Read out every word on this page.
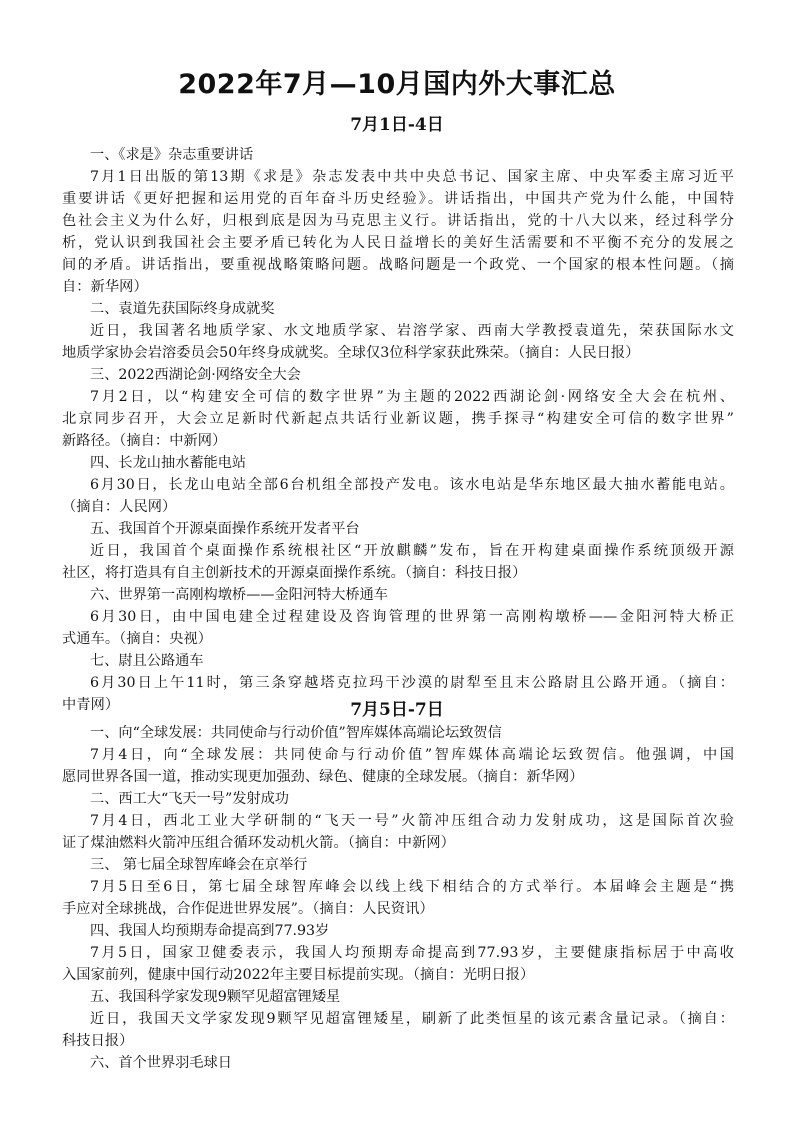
2022年7月—10月国内外大事汇总
7月1日-4日
一、《求是》杂志重要讲话
7月1日出版的第13期《求是》杂志发表中共中央总书记、国家主席、中央军委主席习近平
重要讲话《更好把握和运用党的百年奋斗历史经验》。讲话指出，中国共产党为什么能，中国特
色社会主义为什么好，归根到底是因为马克思主义行。讲话指出，党的十八大以来，经过科学分
析，党认识到我国社会主要矛盾已转化为人民日益增长的美好生活需要和不平衡不充分的发展之
间的矛盾。讲话指出，要重视战略策略问题。战略问题是一个政党、一个国家的根本性问题。（摘
自：新华网）
二、袁道先获国际终身成就奖
近日，我国著名地质学家、水文地质学家、岩溶学家、西南大学教授袁道先，荣获国际水文
地质学家协会岩溶委员会50年终身成就奖。全球仅3位科学家获此殊荣。（摘自：人民日报）
三、2022西湖论剑·网络安全大会
7月2日，以“构建安全可信的数字世界”为主题的2022西湖论剑·网络安全大会在杭州、
北京同步召开，大会立足新时代新起点共话行业新议题，携手探寻“构建安全可信的数字世界”
新路径。（摘自：中新网）
四、长龙山抽水蓄能电站
6月30日，长龙山电站全部6台机组全部投产发电。该水电站是华东地区最大抽水蓄能电站。
（摘自：人民网）
五、我国首个开源桌面操作系统开发者平台
近日，我国首个桌面操作系统根社区“开放麒麟”发布，旨在开构建桌面操作系统顶级开源
社区，将打造具有自主创新技术的开源桌面操作系统。（摘自：科技日报）
六、世界第一高刚构墩桥——金阳河特大桥通车
6月30日，由中国电建全过程建设及咨询管理的世界第一高刚构墩桥——金阳河特大桥正
式通车。（摘自：央视）
七、尉且公路通车
6月30日上午11时，第三条穿越塔克拉玛干沙漠的尉犁至且末公路尉且公路开通。（摘自：
中青网）	7月5日-7日
一、向“全球发展：共同使命与行动价值”智库媒体高端论坛致贺信
7月4日，向“全球发展：共同使命与行动价值”智库媒体高端论坛致贺信。他强调，中国
愿同世界各国一道，推动实现更加强劲、绿色、健康的全球发展。（摘自：新华网）
二、西工大“飞天一号”发射成功
7月4日，西北工业大学研制的“飞天一号”火箭冲压组合动力发射成功，这是国际首次验
证了煤油燃料火箭冲压组合循环发动机火箭。（摘自：中新网）
三、 第七届全球智库峰会在京举行
7月5日至6日，第七届全球智库峰会以线上线下相结合的方式举行。本届峰会主题是“携
手应对全球挑战，合作促进世界发展”。（摘自：人民资讯）
四、我国人均预期寿命提高到77.93岁
7月5日，国家卫健委表示，我国人均预期寿命提高到77.93岁，主要健康指标居于中高收
入国家前列，健康中国行动2022年主要目标提前实现。（摘自：光明日报）
五、我国科学家发现9颗罕见超富锂矮星
近日，我国天文学家发现9颗罕见超富锂矮星，刷新了此类恒星的该元素含量记录。（摘自：
科技日报）
六、首个世界羽毛球日
